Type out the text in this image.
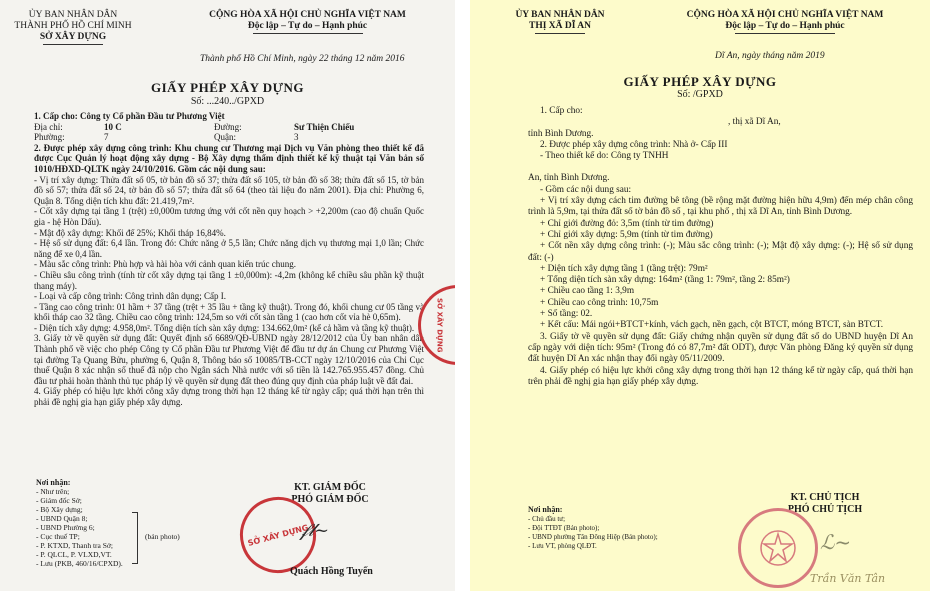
ỦY BAN NHÂN DÂN
THÀNH PHỐ HỒ CHÍ MINH
SỞ XÂY DỰNG
CỘNG HÒA XÃ HỘI CHỦ NGHĨA VIỆT NAM
Độc lập – Tự do – Hạnh phúc
Thành phố Hồ Chí Minh, ngày 22 tháng 12 năm 2016
GIẤY PHÉP XÂY DỰNG
Số: ...240../GPXD

1. Cấp cho: Công ty Cổ phần Đầu tư Phương Việt

Địa chỉ:	10 C	Đường:	Sư Thiện Chiếu
Phường:	7	Quận:	3

2. Được phép xây dựng công trình: Khu chung cư Thương mại Dịch vụ Văn phòng theo thiết kế đã được Cục Quản lý hoạt động xây dựng - Bộ Xây dựng thẩm định thiết kế kỹ thuật tại Văn bản số 1010/HĐXD-QLTK ngày 24/10/2016. Gồm các nội dung sau:

- Vị trí xây dựng: Thửa đất số 05, tờ bản đồ số 37; thửa đất số 105, tờ bản đồ số 38; thửa đất số 15, tờ bản đồ số 57; thửa đất số 24, tờ bản đồ số 57; thửa đất số 64 (theo tài liệu đo năm 2001). Địa chỉ: Phường 6, Quận 8. Tổng diện tích khu đất: 21.419,7m².

- Cốt xây dựng tại tầng 1 (trệt) ±0,000m tương ứng với cốt nền quy hoạch > +2,200m (cao độ chuẩn Quốc gia - hệ Hòn Dấu).

- Mật độ xây dựng: Khối đế 25%; Khối tháp 16,84%.

- Hệ số sử dụng đất: 6,4 lần. Trong đó: Chức năng ở 5,5 lần; Chức năng dịch vụ thương mại 1,0 lần; Chức năng để xe 0,4 lần.

- Màu sắc công trình: Phù hợp và hài hòa với cảnh quan kiến trúc chung.

- Chiều sâu công trình (tính từ cốt xây dựng tại tầng 1 ±0,000m): -4,2m (không kể chiều sâu phần kỹ thuật thang máy).

- Loại và cấp công trình: Công trình dân dụng; Cấp I.

- Tầng cao công trình: 01 hầm + 37 tầng (trệt + 35 lầu + tầng kỹ thuật). Trong đó, khối chung cư 05 tầng và khối tháp cao 32 tầng. Chiều cao công trình: 124,5m so với cốt sàn tầng 1 (cao hơn cốt vỉa hè 0,65m).

- Diện tích xây dựng: 4.958,0m². Tổng diện tích sàn xây dựng: 134.662,0m² (kể cả hầm và tầng kỹ thuật).

3. Giấy tờ về quyền sử dụng đất: Quyết định số 6689/QĐ-UBND ngày 28/12/2012 của Ủy ban nhân dân Thành phố về việc cho phép Công ty Cổ phần Đầu tư Phương Việt để đầu tư dự án Chung cư Phương Việt tại đường Tạ Quang Bửu, phường 6, Quận 8, Thông báo số 10085/TB-CCT ngày 12/10/2016 của Chi Cục thuế Quận 8 xác nhận số thuế đã nộp cho Ngân sách Nhà nước với số tiền là 142.765.955.457 đồng. Chủ đầu tư phải hoàn thành thủ tục pháp lý về quyền sử dụng đất theo đúng quy định của pháp luật về đất đai.

4. Giấy phép có hiệu lực khởi công xây dựng trong thời hạn 12 tháng kể từ ngày cấp; quá thời hạn trên thì phải đề nghị gia hạn giấy phép xây dựng.

Nơi nhận:
- Như trên;
- Giám đốc Sở;
- Bộ Xây dựng;
- UBND Quận 8;
- UBND Phường 6;
- Cục thuế TP;
- P. KTXD, Thanh tra Sở;
- P. QLCL, P. VLXD,VT.
- Lưu (PKB, 460/16/CPXD).
(bản photo)
KT. GIÁM ĐỐC
PHÓ GIÁM ĐỐC
SỞ XÂY DỰNG
𝒻𝓁~
Quách Hồng Tuyến
SỞ XÂY DỰNG
ỦY BAN NHÂN DÂN
THỊ XÃ DĨ AN
CỘNG HÒA XÃ HỘI CHỦ NGHĨA VIỆT NAM
Độc lập – Tự do – Hạnh phúc
Dĩ An, ngày tháng năm 2019
GIẤY PHÉP XÂY DỰNG
Số: /GPXD

1. Cấp cho:

, thị xã Dĩ An,

tỉnh Bình Dương.

2. Được phép xây dựng công trình: Nhà ở- Cấp III

- Theo thiết kế do: Công ty TNHH

An, tỉnh Bình Dương.

- Gồm các nội dung sau:

+ Vị trí xây dựng cách tim đường bê tông (bề rộng mặt đường hiện hữu 4,9m) đến mép chân công trình là 5,9m, tại thửa đất số tờ bản đồ số , tại khu phố , thị xã Dĩ An, tỉnh Bình Dương.

+ Chỉ giới đường đỏ: 3,5m (tính từ tim đường)

+ Chỉ giới xây dựng: 5,9m (tính từ tim đường)

+ Cốt nền xây dựng công trình: (-); Màu sắc công trình: (-); Mật độ xây dựng: (-); Hệ số sử dụng đất: (-)

+ Diện tích xây dựng tầng 1 (tầng trệt): 79m²

+ Tổng diện tích sàn xây dựng: 164m² (tầng 1: 79m², tầng 2: 85m²)

+ Chiều cao tầng 1: 3,9m

+ Chiều cao công trình: 10,75m

+ Số tầng: 02.

+ Kết cấu: Mái ngói+BTCT+kính, vách gạch, nền gạch, cột BTCT, móng BTCT, sàn BTCT.

3. Giấy tờ về quyền sử dụng đất: Giấy chứng nhận quyền sử dụng đất số do UBND huyện Dĩ An cấp ngày với diện tích: 95m² (Trong đó có 87,7m² đất ODT), được Văn phòng Đăng ký quyền sử dụng đất huyện Dĩ An xác nhận thay đổi ngày 05/11/2009.

4. Giấy phép có hiệu lực khởi công xây dựng trong thời hạn 12 tháng kể từ ngày cấp, quá thời hạn trên phải đề nghị gia hạn giấy phép xây dựng.

KT. CHỦ TỊCH
PHÓ CHỦ TỊCH
Nơi nhận:
- Chủ đầu tư;
- Đội TTĐT (Bản photo);
- UBND phường Tân Đông Hiệp (Bản photo);
- Lưu VT, phòng QLĐT.	ℒ~
Trần Văn Tân
